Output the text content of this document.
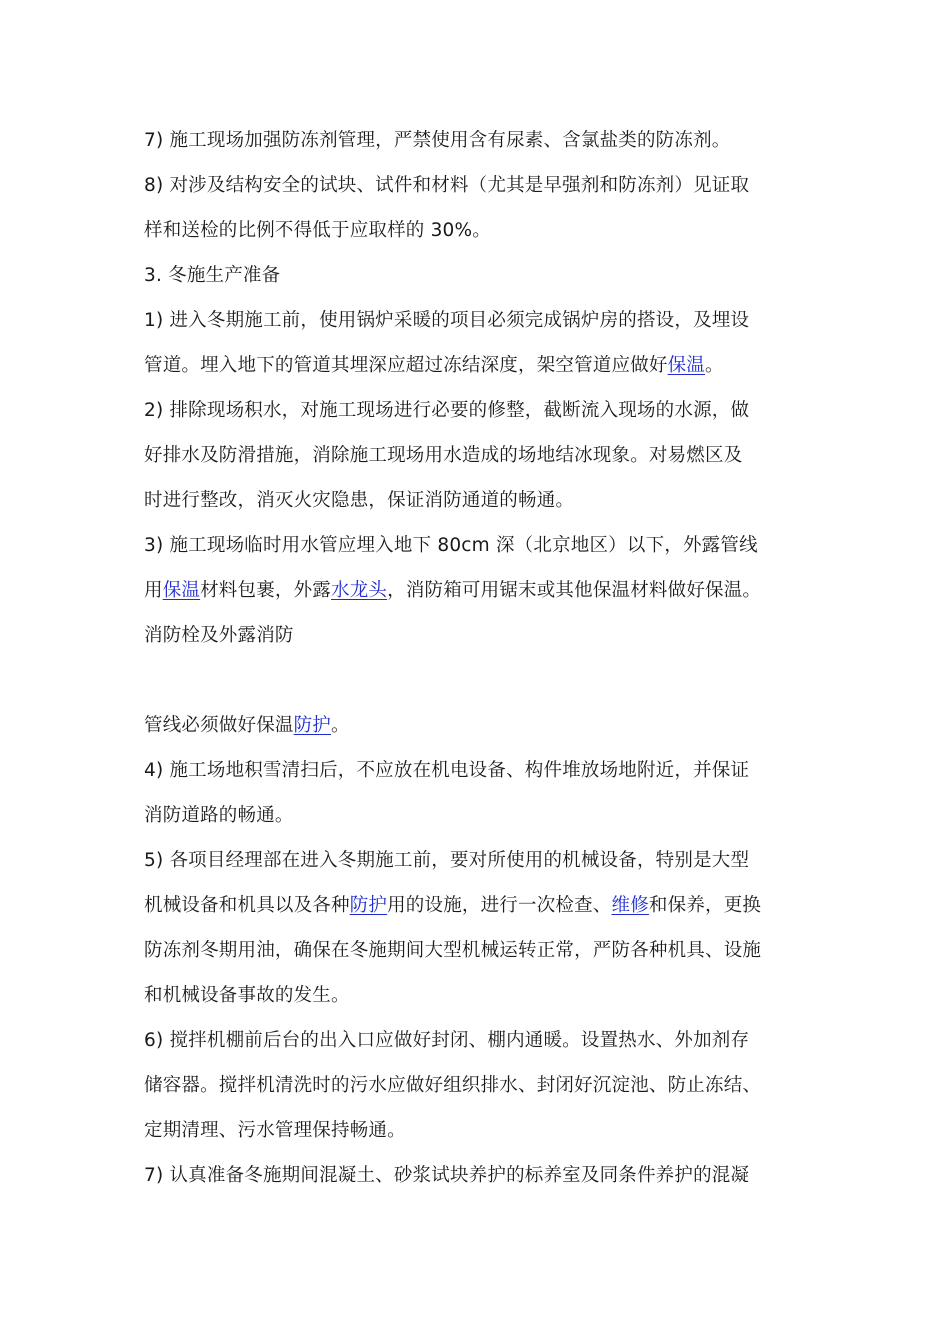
7) 施工现场加强防冻剂管理，严禁使用含有尿素、含氯盐类的防冻剂。
8) 对涉及结构安全的试块、试件和材料（尤其是早强剂和防冻剂）见证取
样和送检的比例不得低于应取样的 30%。
3. 冬施生产准备
1) 进入冬期施工前，使用锅炉采暖的项目必须完成锅炉房的搭设，及埋设
管道。埋入地下的管道其埋深应超过冻结深度，架空管道应做好保温。
2) 排除现场积水，对施工现场进行必要的修整，截断流入现场的水源，做
好排水及防滑措施，消除施工现场用水造成的场地结冰现象。对易燃区及
时进行整改，消灭火灾隐患，保证消防通道的畅通。
3) 施工现场临时用水管应埋入地下 80cm 深（北京地区）以下，外露管线
用保温材料包裹，外露水龙头，消防箱可用锯末或其他保温材料做好保温。
消防栓及外露消防
管线必须做好保温防护。
4) 施工场地积雪清扫后，不应放在机电设备、构件堆放场地附近，并保证
消防道路的畅通。
5) 各项目经理部在进入冬期施工前，要对所使用的机械设备，特别是大型
机械设备和机具以及各种防护用的设施，进行一次检查、维修和保养，更换
防冻剂冬期用油，确保在冬施期间大型机械运转正常，严防各种机具、设施
和机械设备事故的发生。
6) 搅拌机棚前后台的出入口应做好封闭、棚内通暖。设置热水、外加剂存
储容器。搅拌机清洗时的污水应做好组织排水、封闭好沉淀池、防止冻结、
定期清理、污水管理保持畅通。
7) 认真准备冬施期间混凝土、砂浆试块养护的标养室及同条件养护的混凝
